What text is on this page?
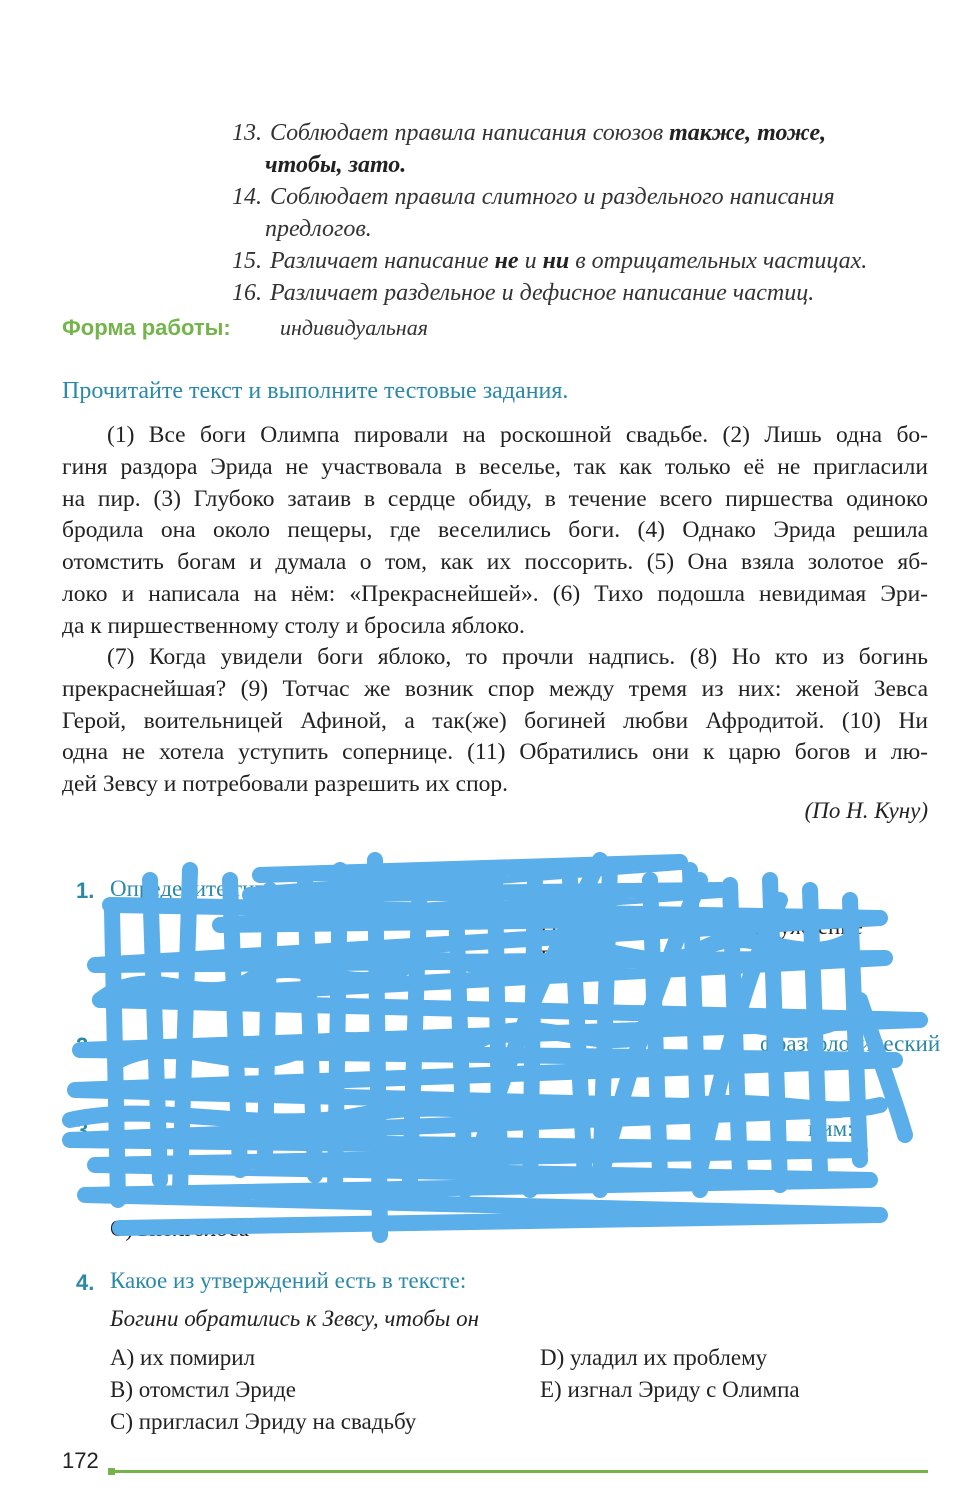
13. Соблюдает правила написания союзов также, тоже,
чтобы, зато.
14. Соблюдает правила слитного и раздельного написания
предлогов.
15. Различает написание не и ни в отрицательных частицах.
16. Различает раздельное и дефисное написание частиц.
Форма работы: индивидуальная
Прочитайте текст и выполните тестовые задания.
(1) Все боги Олимпа пировали на роскошной свадьбе. (2) Лишь одна бо-
гиня раздора Эрида не участвовала в веселье, так как только её не пригласили
на пир. (3) Глубоко затаив в сердце обиду, в течение всего пиршества одиноко
бродила она около пещеры, где веселились боги. (4) Однако Эрида решила
отомстить богам и думала о том, как их поссорить. (5) Она взяла золотое яб-
локо и написала на нём: «Прекраснейшей». (6) Тихо подошла невидимая Эри-
да к пиршественному столу и бросила яблоко.
(7) Когда увидели боги яблоко, то прочли надпись. (8) Но кто из богинь
прекраснейшая? (9) Тотчас же возник спор между тремя из них: женой Зевса
Герой, воительницей Афиной, а так(же) богиней любви Афродитой. (10) Ни
одна не хотела уступить сопернице. (11) Обратились они к царю богов и лю-
дей Зевсу и потребовали разрешить их спор.
(По Н. Куну)
1. Определите тип речи
D) повествование и рассуждение
E) повествование и описание
2.	фразеологический
3.	ним:
С) вполголоса
4. Какое из утверждений есть в тексте:
Богини обратились к Зевсу, чтобы он
А) их помирил
В) отомстил Эриде
С) пригласил Эриду на свадьбу
D) уладил их проблему
E) изгнал Эриду с Олимпа
172
